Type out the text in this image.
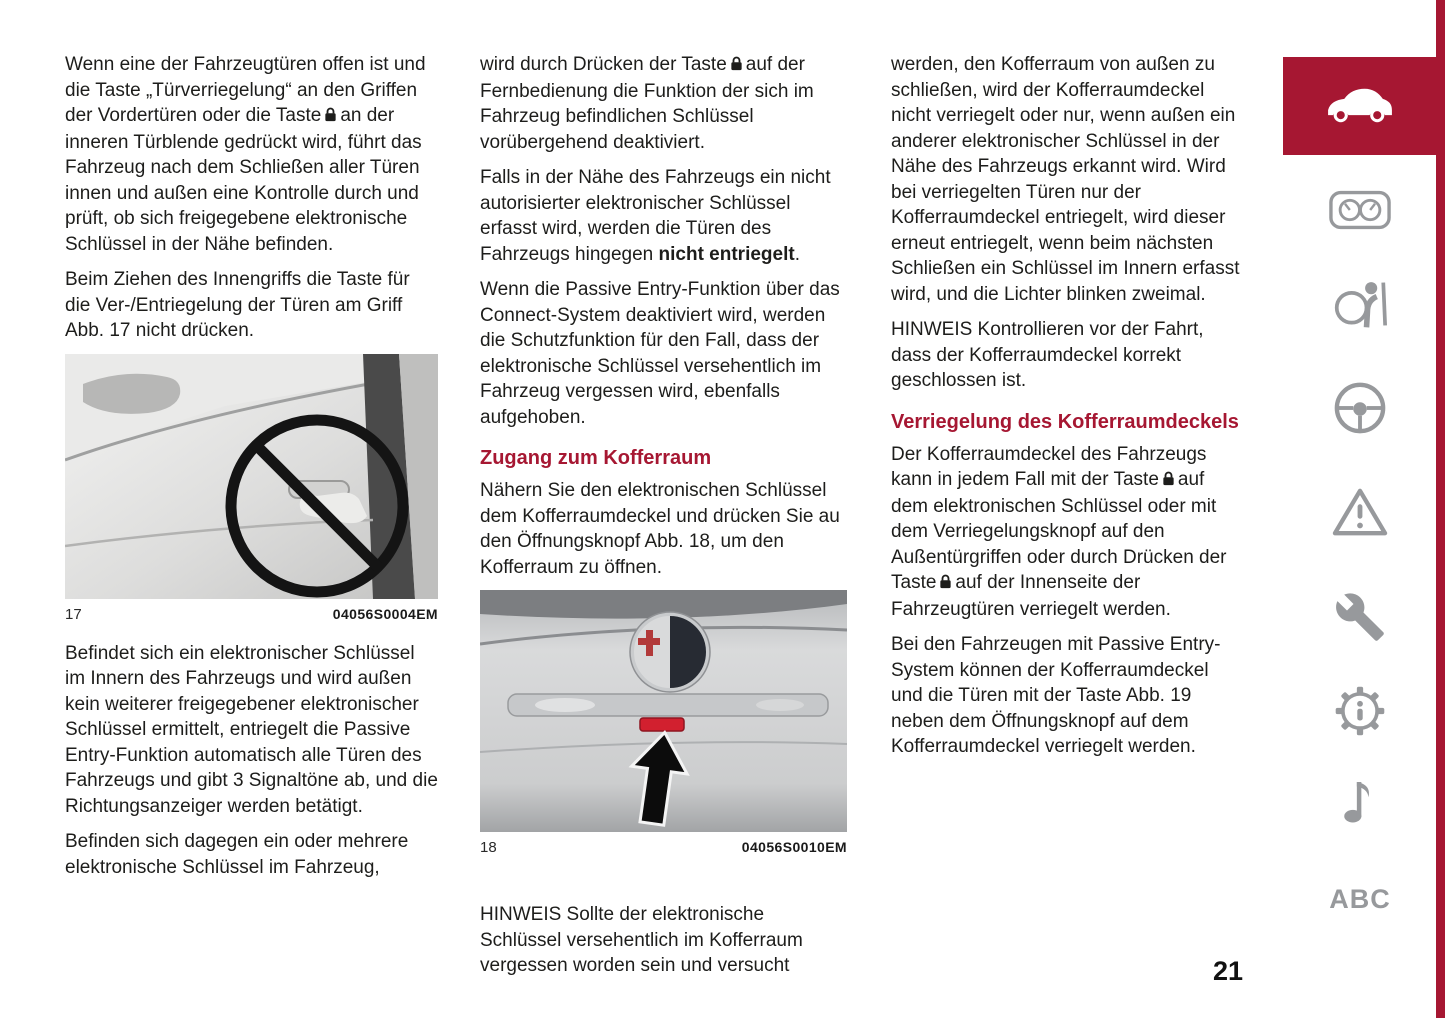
Wenn eine der Fahrzeugtüren offen ist und die Taste „Türverriegelung“ an den Griffen der Vordertüren oder die Taste an der inneren Türblende gedrückt wird, führt das Fahrzeug nach dem Schließen aller Türen innen und außen eine Kontrolle durch und prüft, ob sich freigegebene elektronische Schlüssel in der Nähe befinden.

Beim Ziehen des Innengriffs die Taste für die Ver-/Entriegelung der Türen am Griff Abb. 17 nicht drücken.

17	04056S0004EM

Befindet sich ein elektronischer Schlüssel im Innern des Fahrzeugs und wird außen kein weiterer freigegebener elektronischer Schlüssel ermittelt, entriegelt die Passive Entry-Funktion automatisch alle Türen des Fahrzeugs und gibt 3 Signaltöne ab, und die Richtungsanzeiger werden betätigt.

Befinden sich dagegen ein oder mehrere elektronische Schlüssel im Fahrzeug,

wird durch Drücken der Taste auf der Fernbedienung die Funktion der sich im Fahrzeug befindlichen Schlüssel vorübergehend deaktiviert.

Falls in der Nähe des Fahrzeugs ein nicht autorisierter elektronischer Schlüssel erfasst wird, werden die Türen des Fahrzeugs hingegen nicht entriegelt.

Wenn die Passive Entry-Funktion über das Connect-System deaktiviert wird, werden die Schutzfunktion für den Fall, dass der elektronische Schlüssel versehentlich im Fahrzeug vergessen wird, ebenfalls aufgehoben.

Zugang zum Kofferraum

Nähern Sie den elektronischen Schlüssel dem Kofferraumdeckel und drücken Sie au den Öffnungsknopf Abb. 18, um den Kofferraum zu öffnen.

18	04056S0010EM

HINWEIS Sollte der elektronische Schlüssel versehentlich im Kofferraum vergessen worden sein und versucht

werden, den Kofferraum von außen zu schließen, wird der Kofferraumdeckel nicht verriegelt oder nur, wenn außen ein anderer elektronischer Schlüssel in der Nähe des Fahrzeugs erkannt wird. Wird bei verriegelten Türen nur der Kofferraumdeckel entriegelt, wird dieser erneut entriegelt, wenn beim nächsten Schließen ein Schlüssel im Innern erfasst wird, und die Lichter blinken zweimal.

HINWEIS Kontrollieren vor der Fahrt, dass der Kofferraumdeckel korrekt geschlossen ist.

Verriegelung des Kofferraumdeckels

Der Kofferraumdeckel des Fahrzeugs kann in jedem Fall mit der Taste auf dem elektronischen Schlüssel oder mit dem Verriegelungsknopf auf den Außentürgriffen oder durch Drücken der Taste auf der Innenseite der Fahrzeugtüren verriegelt werden.

Bei den Fahrzeugen mit Passive Entry-System können der Kofferraumdeckel und die Türen mit der Taste Abb. 19 neben dem Öffnungsknopf auf dem Kofferraumdeckel verriegelt werden.

ABC
21
